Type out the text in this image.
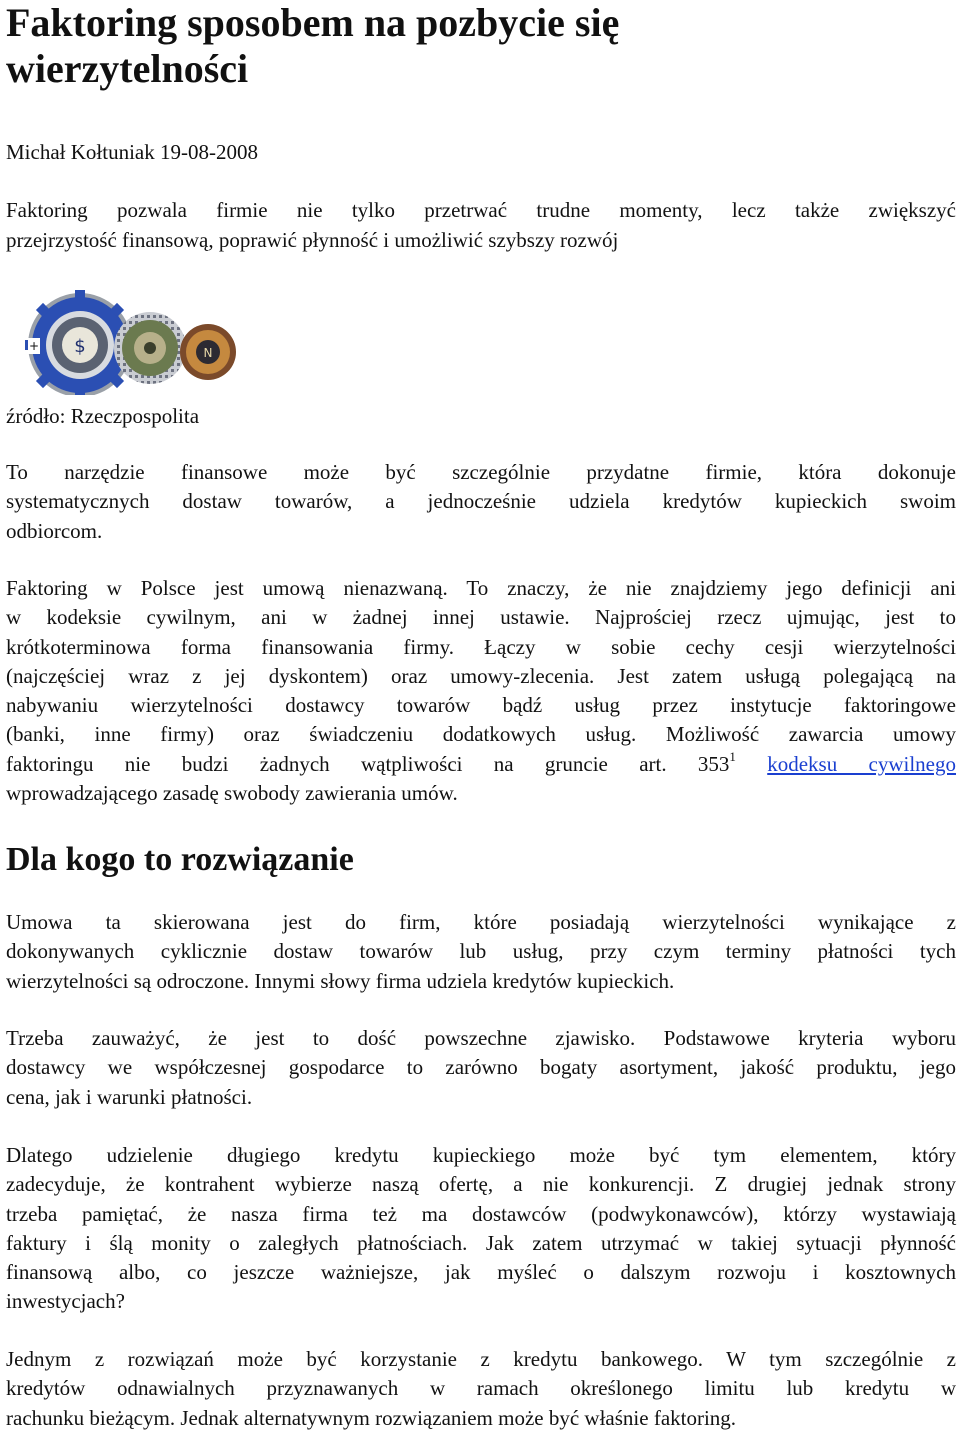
Faktoring sposobem na pozbycie się wierzytelności
Michał Kołtuniak 19-08-2008
Faktoring pozwala firmie nie tylko przetrwać trudne momenty, lecz także zwiększyć
przejrzystość finansową, poprawić płynność i umożliwić szybszy rozwój
$	N
+
źródło: Rzeczpospolita
To narzędzie finansowe może być szczególnie przydatne firmie, która dokonuje
systematycznych dostaw towarów, a jednocześnie udziela kredytów kupieckich swoim
odbiorcom.
Faktoring w Polsce jest umową nienazwaną. To znaczy, że nie znajdziemy jego definicji ani
w kodeksie cywilnym, ani w żadnej innej ustawie. Najprościej rzecz ujmując, jest to
krótkoterminowa forma finansowania firmy. Łączy w sobie cechy cesji wierzytelności
(najczęściej wraz z jej dyskontem) oraz umowy-zlecenia. Jest zatem usługą polegającą na
nabywaniu wierzytelności dostawcy towarów bądź usług przez instytucje faktoringowe
(banki, inne firmy) oraz świadczeniu dodatkowych usług. Możliwość zawarcia umowy
faktoringu nie budzi żadnych wątpliwości na gruncie art. $353^1$ kodeksu cywilnego
wprowadzającego zasadę swobody zawierania umów.
Dla kogo to rozwiązanie
Umowa ta skierowana jest do firm, które posiadają wierzytelności wynikające z
dokonywanych cyklicznie dostaw towarów lub usług, przy czym terminy płatności tych
wierzytelności są odroczone. Innymi słowy firma udziela kredytów kupieckich.
Trzeba zauważyć, że jest to dość powszechne zjawisko. Podstawowe kryteria wyboru
dostawcy we współczesnej gospodarce to zarówno bogaty asortyment, jakość produktu, jego
cena, jak i warunki płatności.
Dlatego udzielenie długiego kredytu kupieckiego może być tym elementem, który
zadecyduje, że kontrahent wybierze naszą ofertę, a nie konkurencji. Z drugiej jednak strony
trzeba pamiętać, że nasza firma też ma dostawców (podwykonawców), którzy wystawiają
faktury i ślą monity o zaległych płatnościach. Jak zatem utrzymać w takiej sytuacji płynność
finansową albo, co jeszcze ważniejsze, jak myśleć o dalszym rozwoju i kosztownych
inwestycjach?
Jednym z rozwiązań może być korzystanie z kredytu bankowego. W tym szczególnie z
kredytów odnawialnych przyznawanych w ramach określonego limitu lub kredytu w
rachunku bieżącym. Jednak alternatywnym rozwiązaniem może być właśnie faktoring.
